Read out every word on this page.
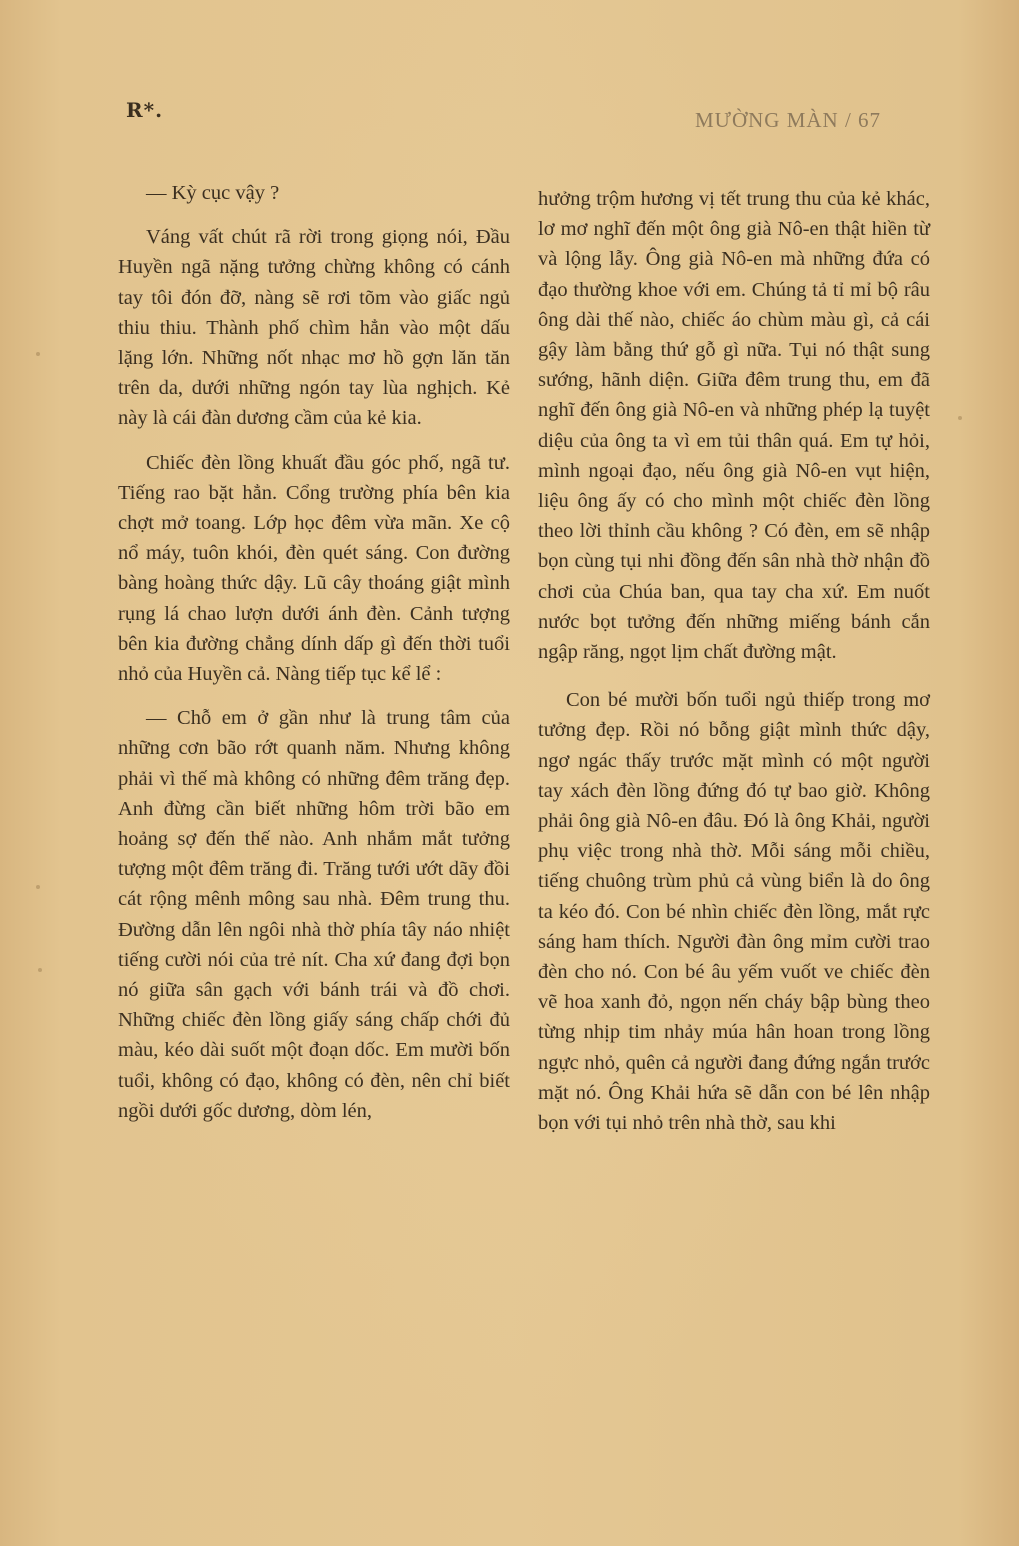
R*.	MƯỜNG MÀN / 67

— Kỳ cục vậy ?

Váng vất chút rã rời trong giọng nói, Đầu Huyền ngã nặng tưởng chừng không có cánh tay tôi đón đỡ, nàng sẽ rơi tõm vào giấc ngủ thiu thiu. Thành phố chìm hẳn vào một dấu lặng lớn. Những nốt nhạc mơ hồ gợn lăn tăn trên da, dưới những ngón tay lùa nghịch. Kẻ này là cái đàn dương cầm của kẻ kia.

Chiếc đèn lồng khuất đầu góc phố, ngã tư. Tiếng rao bặt hẳn. Cổng trường phía bên kia chợt mở toang. Lớp học đêm vừa mãn. Xe cộ nổ máy, tuôn khói, đèn quét sáng. Con đường bàng hoàng thức dậy. Lũ cây thoáng giật mình rụng lá chao lượn dưới ánh đèn. Cảnh tượng bên kia đường chẳng dính dấp gì đến thời tuổi nhỏ của Huyền cả. Nàng tiếp tục kể lể :

— Chỗ em ở gần như là trung tâm của những cơn bão rớt quanh năm. Nhưng không phải vì thế mà không có những đêm trăng đẹp. Anh đừng cần biết những hôm trời bão em hoảng sợ đến thế nào. Anh nhắm mắt tưởng tượng một đêm trăng đi. Trăng tưới ướt dãy đồi cát rộng mênh mông sau nhà. Đêm trung thu. Đường dẫn lên ngôi nhà thờ phía tây náo nhiệt tiếng cười nói của trẻ nít. Cha xứ đang đợi bọn nó giữa sân gạch với bánh trái và đồ chơi. Những chiếc đèn lồng giấy sáng chấp chới đủ màu, kéo dài suốt một đoạn dốc. Em mười bốn tuổi, không có đạo, không có đèn, nên chỉ biết ngồi dưới gốc dương, dòm lén,

hưởng trộm hương vị tết trung thu của kẻ khác, lơ mơ nghĩ đến một ông già Nô-en thật hiền từ và lộng lẫy. Ông già Nô-en mà những đứa có đạo thường khoe với em. Chúng tả tỉ mỉ bộ râu ông dài thế nào, chiếc áo chùm màu gì, cả cái gậy làm bằng thứ gỗ gì nữa. Tụi nó thật sung sướng, hãnh diện. Giữa đêm trung thu, em đã nghĩ đến ông già Nô-en và những phép lạ tuyệt diệu của ông ta vì em tủi thân quá. Em tự hỏi, mình ngoại đạo, nếu ông già Nô-en vụt hiện, liệu ông ấy có cho mình một chiếc đèn lồng theo lời thỉnh cầu không ? Có đèn, em sẽ nhập bọn cùng tụi nhi đồng đến sân nhà thờ nhận đồ chơi của Chúa ban, qua tay cha xứ. Em nuốt nước bọt tưởng đến những miếng bánh cắn ngập răng, ngọt lịm chất đường mật.

Con bé mười bốn tuổi ngủ thiếp trong mơ tưởng đẹp. Rồi nó bỗng giật mình thức dậy, ngơ ngác thấy trước mặt mình có một người tay xách đèn lồng đứng đó tự bao giờ. Không phải ông già Nô-en đâu. Đó là ông Khải, người phụ việc trong nhà thờ. Mỗi sáng mỗi chiều, tiếng chuông trùm phủ cả vùng biển là do ông ta kéo đó. Con bé nhìn chiếc đèn lồng, mắt rực sáng ham thích. Người đàn ông mỉm cười trao đèn cho nó. Con bé âu yếm vuốt ve chiếc đèn vẽ hoa xanh đỏ, ngọn nến cháy bập bùng theo từng nhịp tim nhảy múa hân hoan trong lồng ngực nhỏ, quên cả người đang đứng ngắn trước mặt nó. Ông Khải hứa sẽ dẫn con bé lên nhập bọn với tụi nhỏ trên nhà thờ, sau khi
